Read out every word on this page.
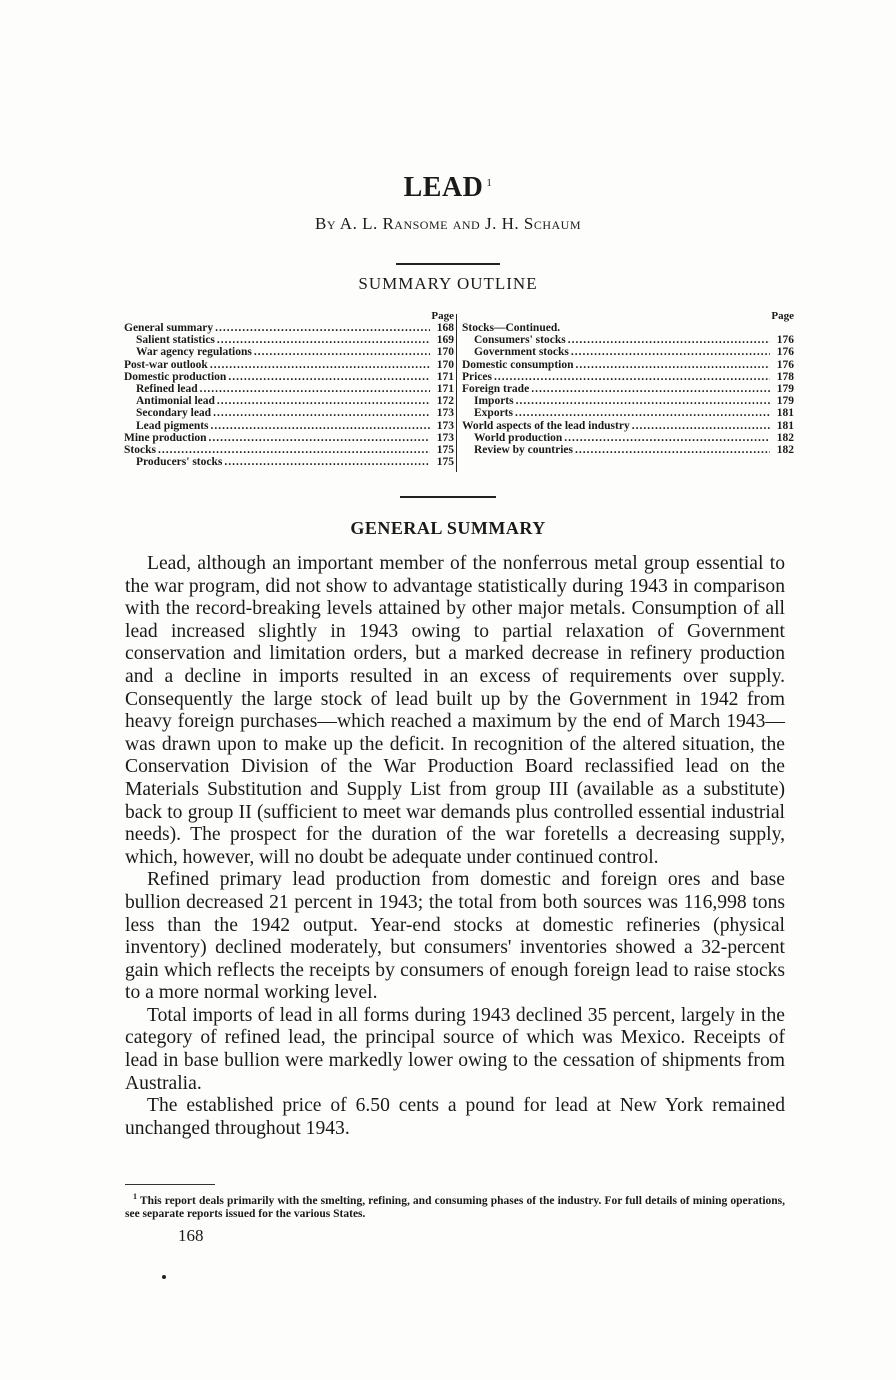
LEAD $^1$
By A. L. Ransome and J. H. Schaum
SUMMARY OUTLINE
Page
General summary .....	168
Salient statistics .....	169
War agency regulations .....	170
Post-war outlook .....	170
Domestic production .....	171
Refined lead .....	171
Antimonial lead .....	172
Secondary lead .....	173
Lead pigments .....	173
Mine production .....	173
Stocks .....	175
Producers' stocks .....	175
Page
Stocks—Continued.
Consumers' stocks .....	176
Government stocks .....	176
Domestic consumption .....	176
Prices .....	178
Foreign trade .....	179
Imports .....	179
Exports .....	181
World aspects of the lead industry .....	181
World production .....	182
Review by countries .....	182
GENERAL SUMMARY

Lead, although an important member of the nonferrous metal group essential to the war program, did not show to advantage statistically during 1943 in comparison with the record-breaking levels attained by other major metals. Consumption of all lead increased slightly in 1943 owing to partial relaxation of Government conservation and limitation orders, but a marked decrease in refinery production and a decline in imports resulted in an excess of requirements over supply. Consequently the large stock of lead built up by the Government in 1942 from heavy foreign purchases—which reached a maximum by the end of March 1943—was drawn upon to make up the deficit. In recognition of the altered situation, the Conservation Division of the War Production Board reclassified lead on the Materials Substitution and Supply List from group III (available as a substitute) back to group II (sufficient to meet war demands plus controlled essential industrial needs). The prospect for the duration of the war foretells a decreasing supply, which, however, will no doubt be adequate under continued control.

Refined primary lead production from domestic and foreign ores and base bullion decreased 21 percent in 1943; the total from both sources was 116,998 tons less than the 1942 output. Year-end stocks at domestic refineries (physical inventory) declined moderately, but consumers' inventories showed a 32-percent gain which reflects the receipts by consumers of enough foreign lead to raise stocks to a more normal working level.

Total imports of lead in all forms during 1943 declined 35 percent, largely in the category of refined lead, the principal source of which was Mexico. Receipts of lead in base bullion were markedly lower owing to the cessation of shipments from Australia.

The established price of 6.50 cents a pound for lead at New York remained unchanged throughout 1943.

$^1$ This report deals primarily with the smelting, refining, and consuming phases of the industry. For full details of mining operations, see separate reports issued for the various States.

168
